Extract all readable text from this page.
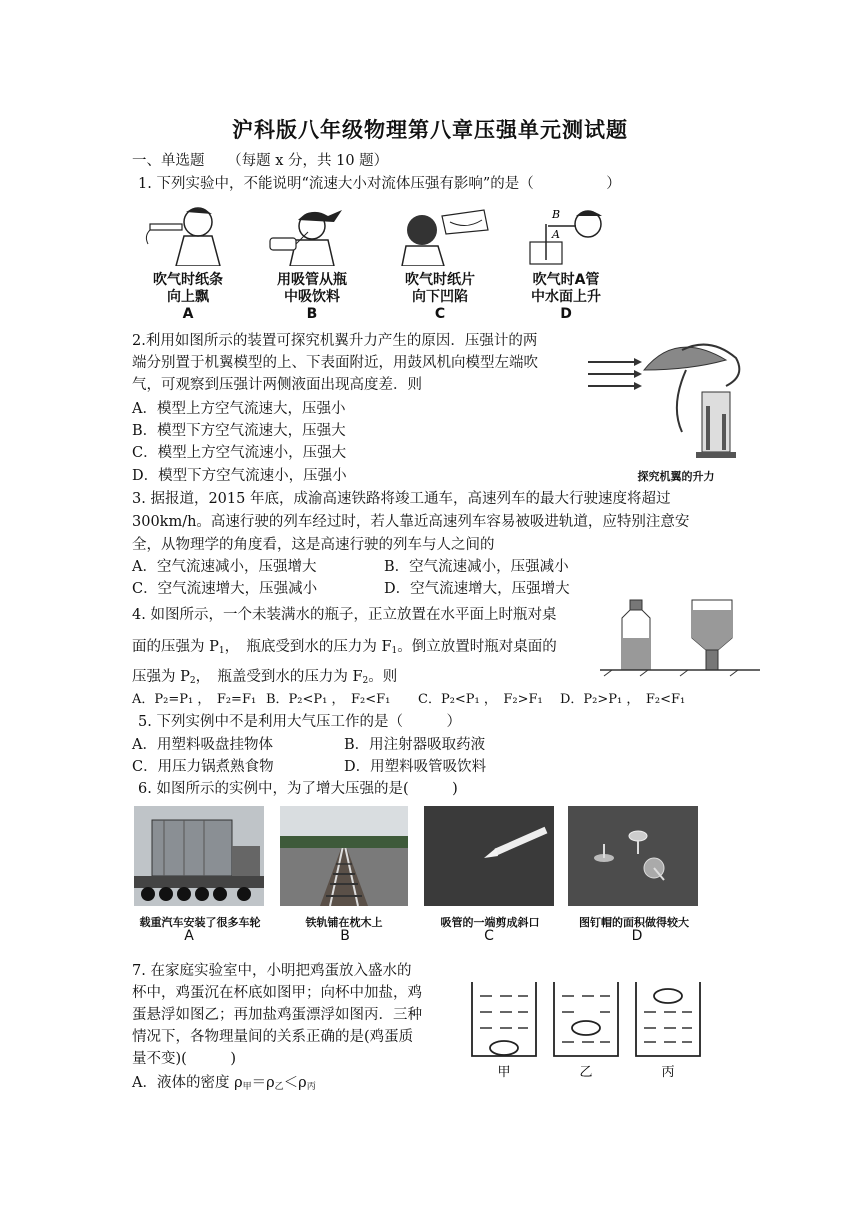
沪科版八年级物理第八章压强单元测试题
一、单选题 （每题 x 分，共 10 题）
1. 下列实验中，不能说明“流速大小对流体压强有影响”的是（　　　　　）
B
A
吹气时纸条
向上飘
A
用吸管从瓶
中吸饮料
B
吹气时纸片
向下凹陷
C
吹气时A管
中水面上升
D
2.利用如图所示的装置可探究机翼升力产生的原因．压强计的两
端分别置于机翼模型的上、下表面附近，用鼓风机向模型左端吹
气，可观察到压强计两侧液面出现高度差．则
A．模型上方空气流速大，压强小
B．模型下方空气流速大，压强大
C．模型上方空气流速小，压强大
D．模型下方空气流速小，压强小	探究机翼的升力
3. 据报道，2015 年底，成渝高速铁路将竣工通车，高速列车的最大行驶速度将超过
300km/h。高速行驶的列车经过时，若人靠近高速列车容易被吸进轨道，应特别注意安
全，从物理学的角度看，这是高速行驶的列车与人之间的
A．空气流速减小，压强增大	B．空气流速减小，压强减小
C．空气流速增大，压强减小	D．空气流速增大，压强增大
4. 如图所示，一个未装满水的瓶子，正立放置在水平面上时瓶对桌
面的压强为 $P_1$，　瓶底受到水的压力为 $F_1$。倒立放置时瓶对桌面的
压强为 $P_2$，　瓶盖受到水的压力为 $F_2$。则
A．P₂=P₁ ，　F₂=F₁ B．P₂<P₁ ，　F₂<F₁ C．P₂<P₁ ，　F₂>F₁ D．P₂>P₁ ，　F₂<F₁
5. 下列实例中不是利用大气压工作的是（　　　）
A．用塑料吸盘挂物体	B．用注射器吸取药液
C．用压力锅煮熟食物	D．用塑料吸管吸饮料
6. 如图所示的实例中，为了增大压强的是(　　　)
载重汽车安装了很多车轮	铁轨铺在枕木上	吸管的一端剪成斜口	图钉帽的面积做得较大
A	B	C	D
7. 在家庭实验室中，小明把鸡蛋放入盛水的
杯中，鸡蛋沉在杯底如图甲；向杯中加盐，鸡
蛋悬浮如图乙；再加盐鸡蛋漂浮如图丙．三种
情况下，各物理量间的关系正确的是(鸡蛋质
量不变)(　　　)
A．液体的密度 $\rho_甲=\rho_乙<\rho_丙$
甲	乙	丙
